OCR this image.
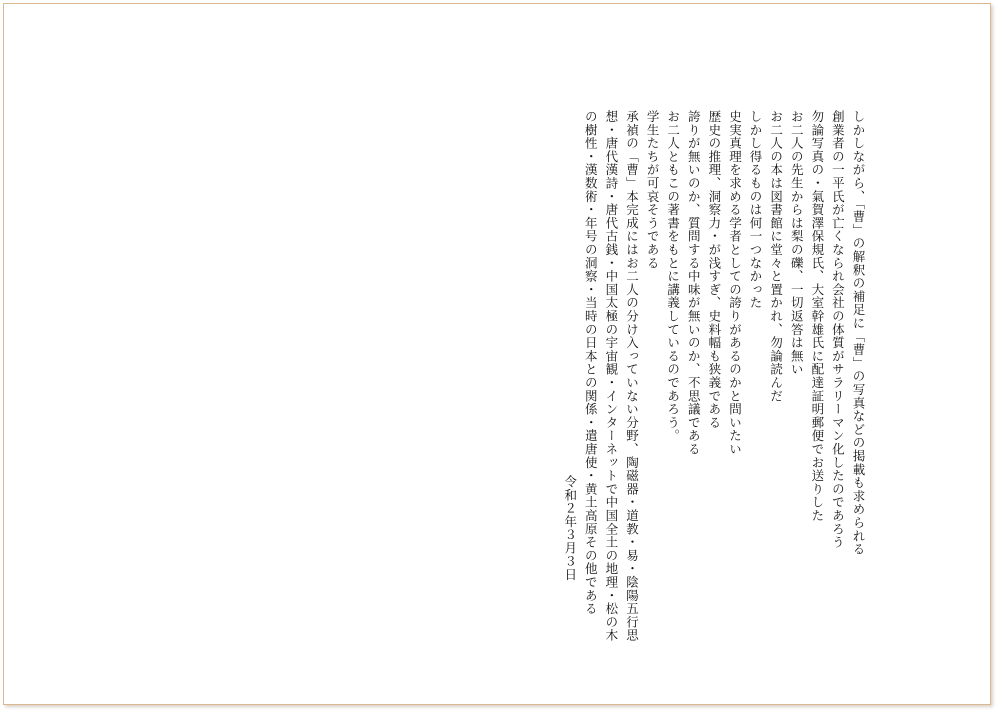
しかしながら、「曹」の解釈の補足に「曹」の写真などの掲載も求められる
創業者の一平氏が亡くなられ会社の体質がサラリーマン化したのであろう
勿論写真の・氣賀澤保規氏、大室幹雄氏に配達証明郵便でお送りした
お二人の先生からは梨の礫、一切返答は無い
お二人の本は図書館に堂々と置かれ、勿論読んだ
しかし得るものは何一つなかった
史実真理を求める学者としての誇りがあるのかと問いたい
歴史の推理、洞察力・が浅すぎ、史料幅も狭義である
誇りが無いのか、質問する中味が無いのか、不思議である
お二人ともこの著書をもとに講義しているのであろう。
学生たちが可哀そうである
承禎の「曹」本完成にはお二人の分け入っていない分野、陶磁器・道教・易・陰陽五行思
想・唐代漢詩・唐代古銭・中国太極の宇宙観・インターネットで中国全土の地理・松の木
の樹性・漢数術・年号の洞察・当時の日本との関係・遣唐使・黄土高原その他である
令和２年３月３日
